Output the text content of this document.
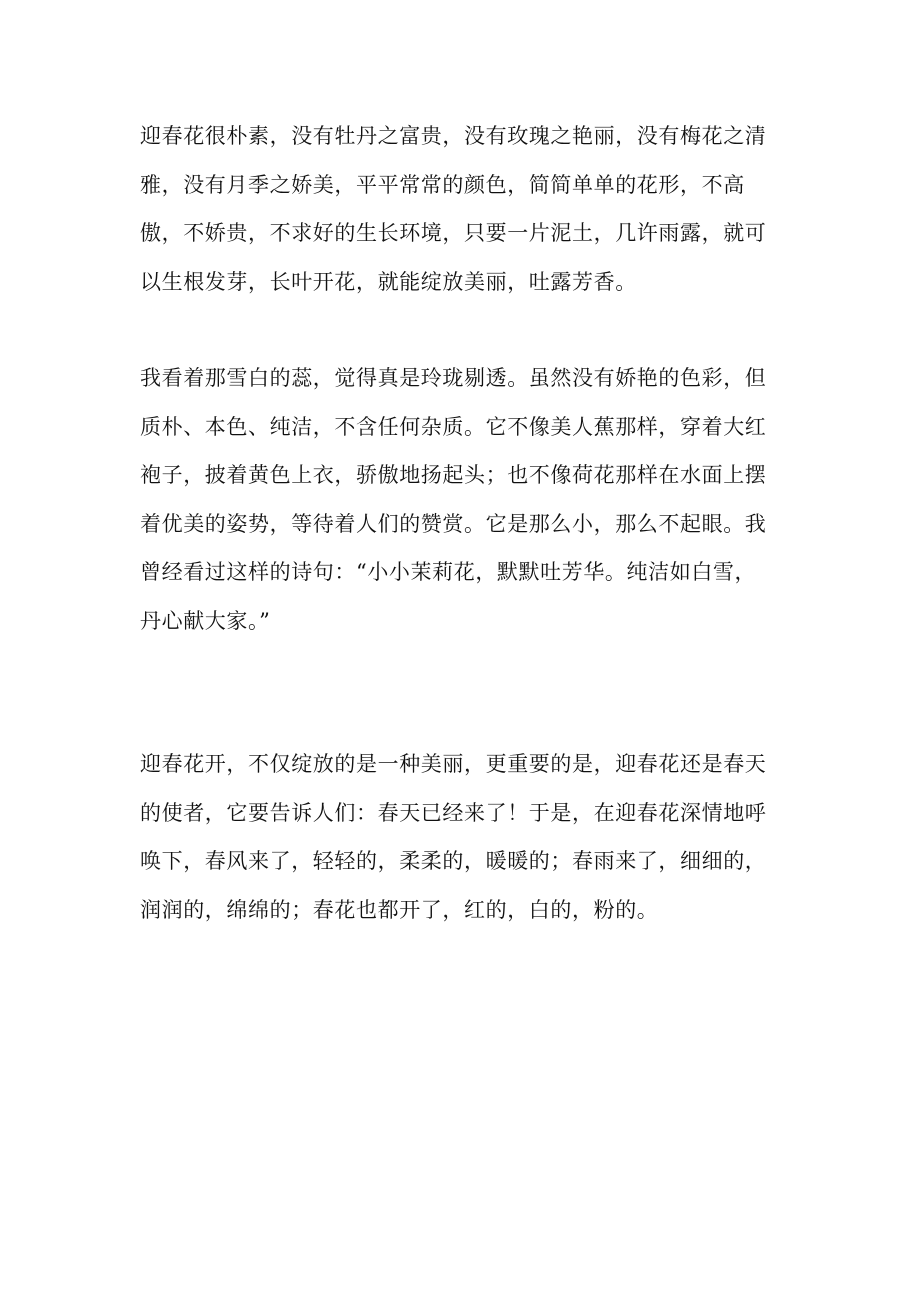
迎春花很朴素，没有牡丹之富贵，没有玫瑰之艳丽，没有梅花之清
雅，没有月季之娇美，平平常常的颜色，简简单单的花形，不高
傲，不娇贵，不求好的生长环境，只要一片泥土，几许雨露，就可
以生根发芽，长叶开花，就能绽放美丽，吐露芳香。

我看着那雪白的蕊，觉得真是玲珑剔透。虽然没有娇艳的色彩，但
质朴、本色、纯洁，不含任何杂质。它不像美人蕉那样，穿着大红
袍子，披着黄色上衣，骄傲地扬起头；也不像荷花那样在水面上摆
着优美的姿势，等待着人们的赞赏。它是那么小，那么不起眼。我
曾经看过这样的诗句：“小小茉莉花，默默吐芳华。纯洁如白雪，
丹心献大家。”

迎春花开，不仅绽放的是一种美丽，更重要的是，迎春花还是春天
的使者，它要告诉人们：春天已经来了！于是，在迎春花深情地呼
唤下，春风来了，轻轻的，柔柔的，暖暖的；春雨来了，细细的，
润润的，绵绵的；春花也都开了，红的，白的，粉的。
